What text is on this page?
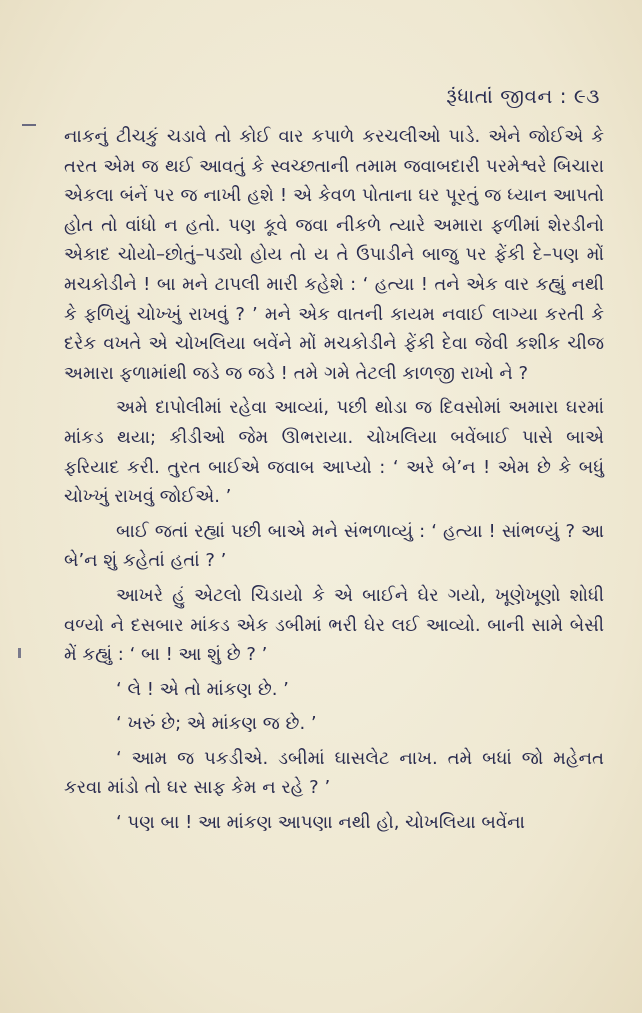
રૂંધાતાં જીવન : ૯૩

નાકનું ટીચકું ચડાવે તો કોઈ વાર કપાળે કરચલીઓ પાડે. એને જોઈએ કે તરત એમ જ થઈ આવતું કે સ્વચ્છતાની તમામ જવાબદારી પરમેશ્વરે બિચારા એકલા બંનેં પર જ નાખી હશે ! એ કેવળ પોતાના ઘર પૂરતું જ ધ્યાન આપતો હોત તો વાંધો ન હતો. પણ કૂવે જવા નીકળે ત્યારે અમારા ફળીમાં શેરડીનો એકાદ ચોયો–છોતું–પડ્યો હોય તો ય તે ઉપાડીને બાજુ પર ફેંકી દે–પણ મોં મચકોડીને ! બા મને ટાપલી મારી કહેશે : ‘ હત્યા ! તને એક વાર કહ્યું નથી કે ફળિયું ચોખ્ખું રાખવું ? ’ મને એક વાતની કાયમ નવાઈ લાગ્યા કરતી કે દરેક વખતે એ ચોખલિયા બવેંને મોં મચકોડીને ફેંકી દેવા જેવી કશીક ચીજ અમારા ફળામાંથી જડે જ જડે ! તમે ગમે તેટલી કાળજી રાખો ને ?

અમે દાપોલીમાં રહેવા આવ્યાં, પછી થોડા જ દિવસોમાં અમારા ઘરમાં માંકડ થયા; કીડીઓ જેમ ઊભરાયા. ચોખલિયા બવેંબાઈ પાસે બાએ ફરિયાદ કરી. તુરત બાઈએ જવાબ આપ્યો : ‘ અરે બે’ન ! એમ છે કે બધું ચોખ્ખું રાખવું જોઈએ. ’

બાઈ જતાં રહ્યાં પછી બાએ મને સંભળાવ્યું : ‘ હત્યા ! સાંભળ્યું ? આ બે’ન શું કહેતાં હતાં ? ’

આખરે હું એટલો ચિડાયો કે એ બાઈને ઘેર ગયો, ખૂણેખૂણો શોધી વળ્યો ને દસબાર માંકડ એક ડબીમાં ભરી ઘેર લઈ આવ્યો. બાની સામે બેસી મેં કહ્યું : ‘ બા ! આ શું છે ? ’

‘ લે ! એ તો માંકણ છે. ’

‘ ખરું છે; એ માંકણ જ છે. ’

‘ આમ જ પકડીએ. ડબીમાં ઘાસલેટ નાખ. તમે બધાં જો મહેનત કરવા માંડો તો ઘર સાફ કેમ ન રહે ? ’

‘ પણ બા ! આ માંકણ આપણા નથી હો, ચોખલિયા બવેંના
